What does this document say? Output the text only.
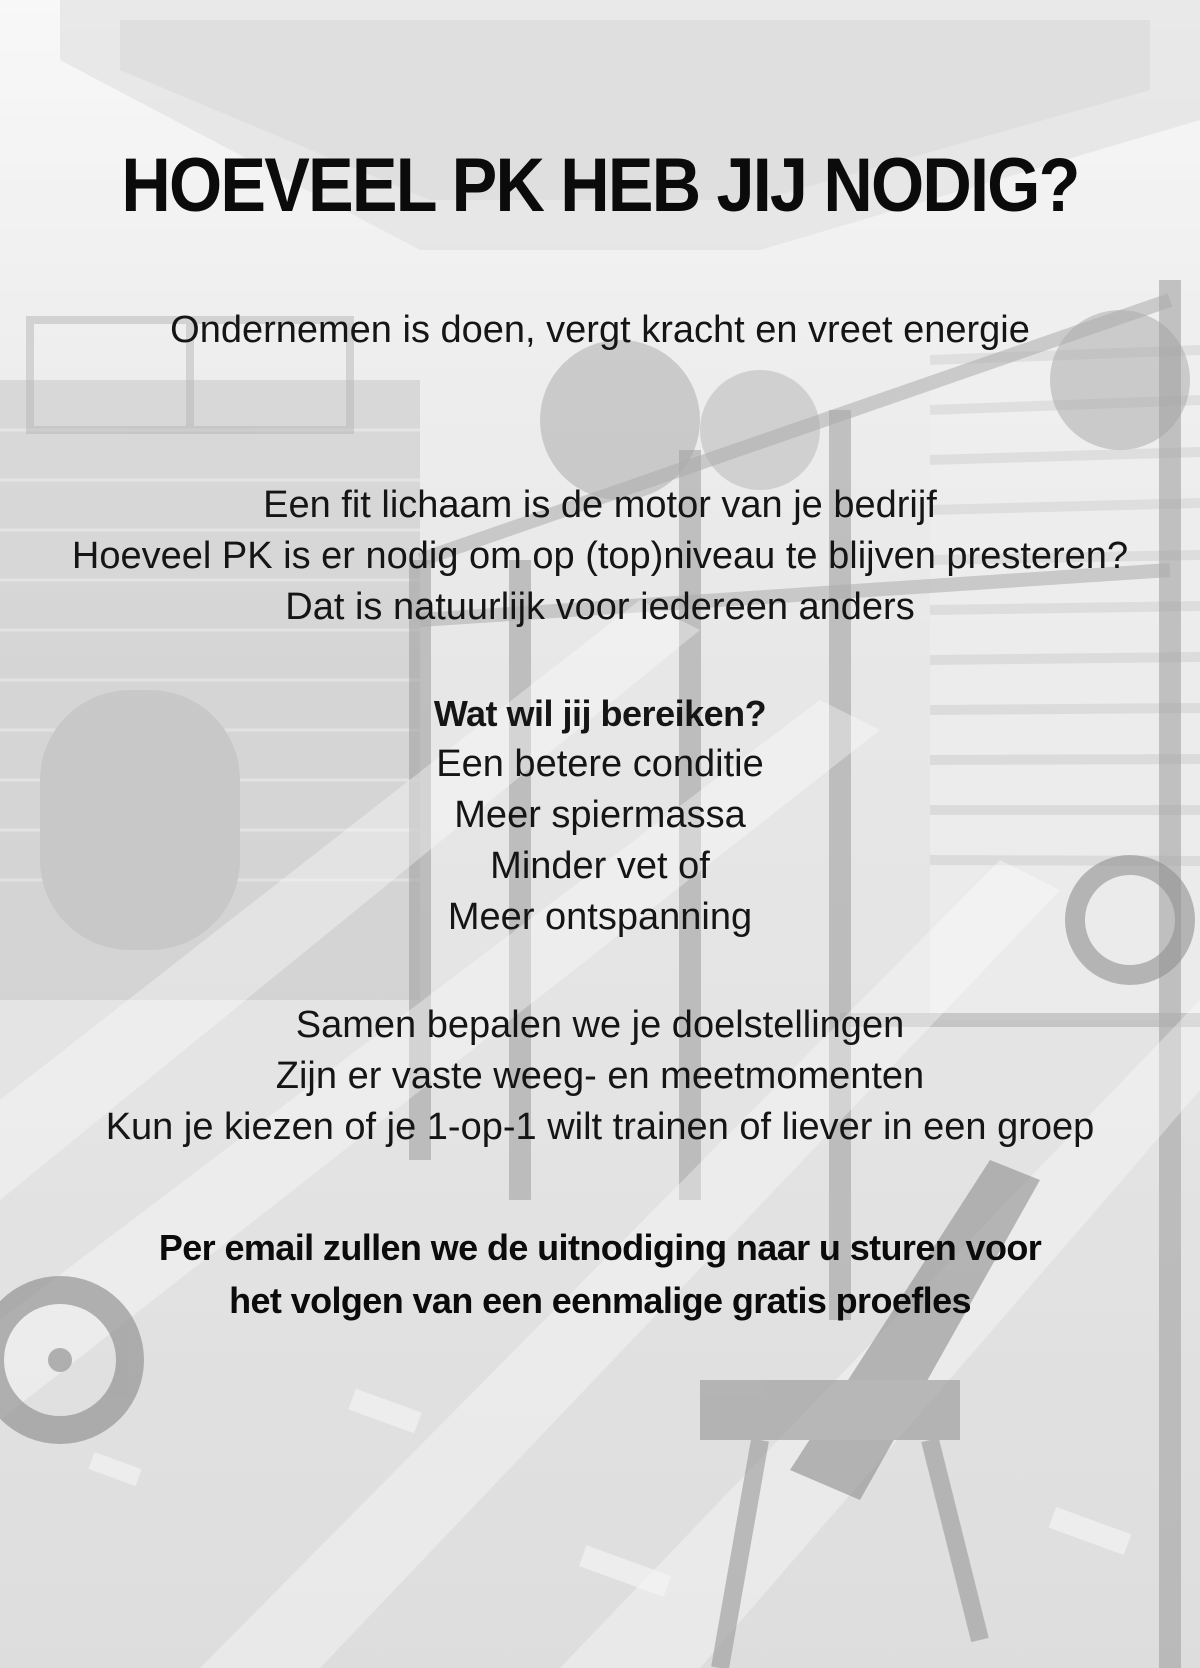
HOEVEEL PK HEB JIJ NODIG?
Ondernemen is doen, vergt kracht en vreet energie
Een fit lichaam is de motor van je bedrijf
Hoeveel PK is er nodig om op (top)niveau te blijven presteren?
Dat is natuurlijk voor iedereen anders
Wat wil jij bereiken?
Een betere conditie
Meer spiermassa
Minder vet of
Meer ontspanning
Samen bepalen we je doelstellingen
Zijn er vaste weeg- en meetmomenten
Kun je kiezen of je 1-op-1 wilt trainen of liever in een groep
Per email zullen we de uitnodiging naar u sturen voor
het volgen van een eenmalige gratis proefles
